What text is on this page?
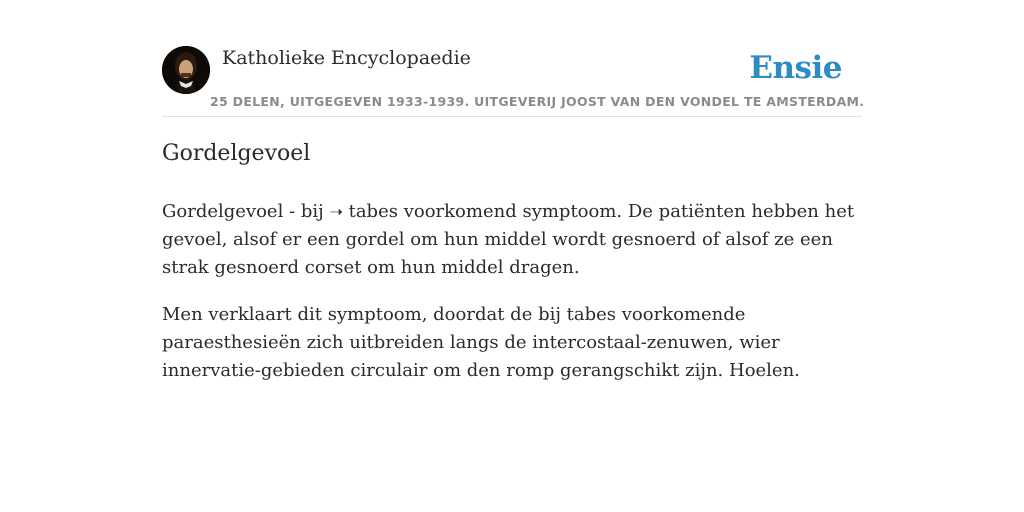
Katholieke Encyclopaedie	Ensie
25 DELEN, UITGEGEVEN 1933-1939. UITGEVERIJ JOOST VAN DEN VONDEL TE AMSTERDAM.
Gordelgevoel

Gordelgevoel - bij ➝ tabes voorkomend symptoom. De patiënten hebben het gevoel, alsof er een gordel om hun middel wordt gesnoerd of alsof ze een strak gesnoerd corset om hun middel dragen.

Men verklaart dit symptoom, doordat de bij tabes voorkomende paraesthesieën zich uitbreiden langs de intercostaal-zenuwen, wier innervatie-gebieden circulair om den romp gerangschikt zijn. Hoelen.
